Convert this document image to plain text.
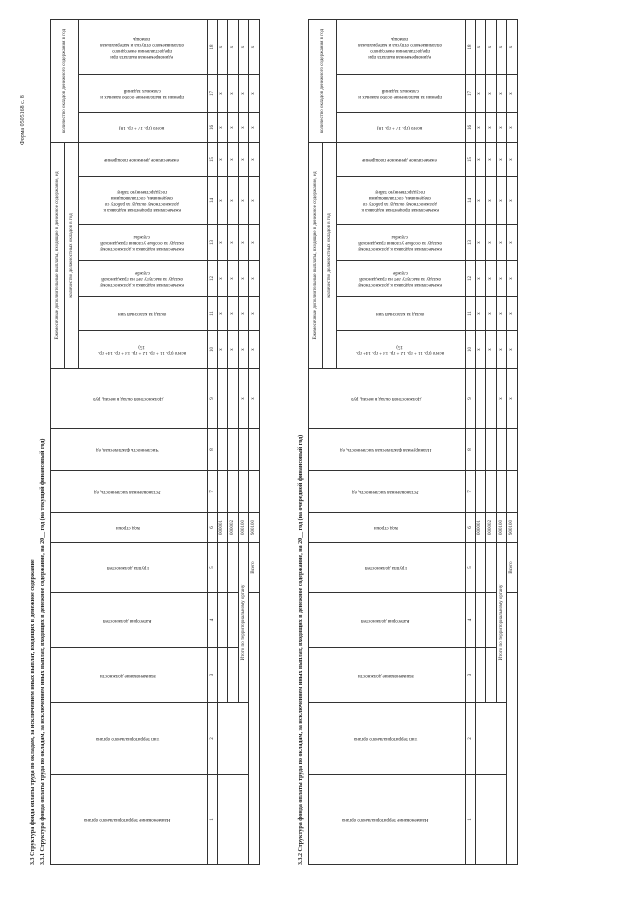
Форма 0505168 с. 8
3.3 Структура фонда оплаты труда по окладам, за исключением иных выплат, входящих в денежное содержание 3.3.1 Структура фонда оплаты труда по окладам, за исключением иных выплат, входящих в денежное содержание, на 20__ год (на текущий финансовый год)	Наименование территориального органа	Тип территориального органа	Наименование должности	Категория должностей	Группа должностей	Код строки	Установленная численность, ед	Численность фактическая, ед	Должностной оклад в месяц, руб	Ежемесячные дополнительные выплаты, входящие в денежное содержание, ед						количество окладов денежного содержания в год		
									количество должностных окладов в год								
									всего (гр. 11 + гр. 12 + гр. 13 + гр. 14+ гр. 15)	оклад за классный чин	ежемесячная надбавка к должностному окладу за выслугу лет на гражданской службе	ежемесячная надбавка к должностному окладу за особые условия гражданской службы	ежемесячная процентная надбавка к должностному окладу за работу со сведениями, составляющими государственную тайну	ежемесячное денежное поощрение	всего (гр. 17 + гр. 18)	премии за выполнение особо важных и сложных заданий	единовременная выплата при предоставлении ежегодного оплачиваемого отпуска и материальная помощь
1	2	3	4	5	6	7	8	9	10	11	12	13	14	15	16	17	18
					000001				x	x	x	x	x	x	x	x	x
					000002				x	x	x	x	x	x	x	x	x
		Итого по территориальному органу			000100			x	x	x	x	x	x	x	x	x	x
				Всего	900100			x	x	x	x	x	x	x	x	x	x
3.3.2 Структура фонда оплаты труда по окладам, за исключением иных выплат, входящих в денежное содержание, на 20__ год (на очередной финансовый год)	Наименование территориального органа	Тип территориального органа	Наименование должности	Категория должностей	Группа должностей	Код строки	Установленная численность, ед	Планируемая фактическая численность, ед	Должностной оклад в месяц, руб	Ежемесячные дополнительные выплаты, входящие в денежное содержание, ед						количество окладов денежного содержания в год		
									количество должностных окладов в год								
									всего (гр. 11 + гр. 12 + гр. 13 + гр. 14+ гр. 15)	оклад за классный чин	ежемесячная надбавка к должностному окладу за выслугу лет на гражданской службе	ежемесячная надбавка к должностному окладу за особые условия гражданской службы	ежемесячная процентная надбавка к должностному окладу за работу со сведениями, составляющими государственную тайну	ежемесячное денежное поощрение	всего (гр. 17 + гр. 18)	премии за выполнение особо важных и сложных заданий	единовременная выплата при предоставлении ежегодного оплачиваемого отпуска и материальная помощь
1	2	3	4	5	6	7	8	9	10	11	12	13	14	15	16	17	18
					000001				x	x	x	x	x	x	x	x	x
					000002				x	x	x	x	x	x	x	x	x
		Итого по территориальному органу			000100			x	x	x	x	x	x	x	x	x	x
				Всего	900100			x	x	x	x	x	x	x	x	x	x
